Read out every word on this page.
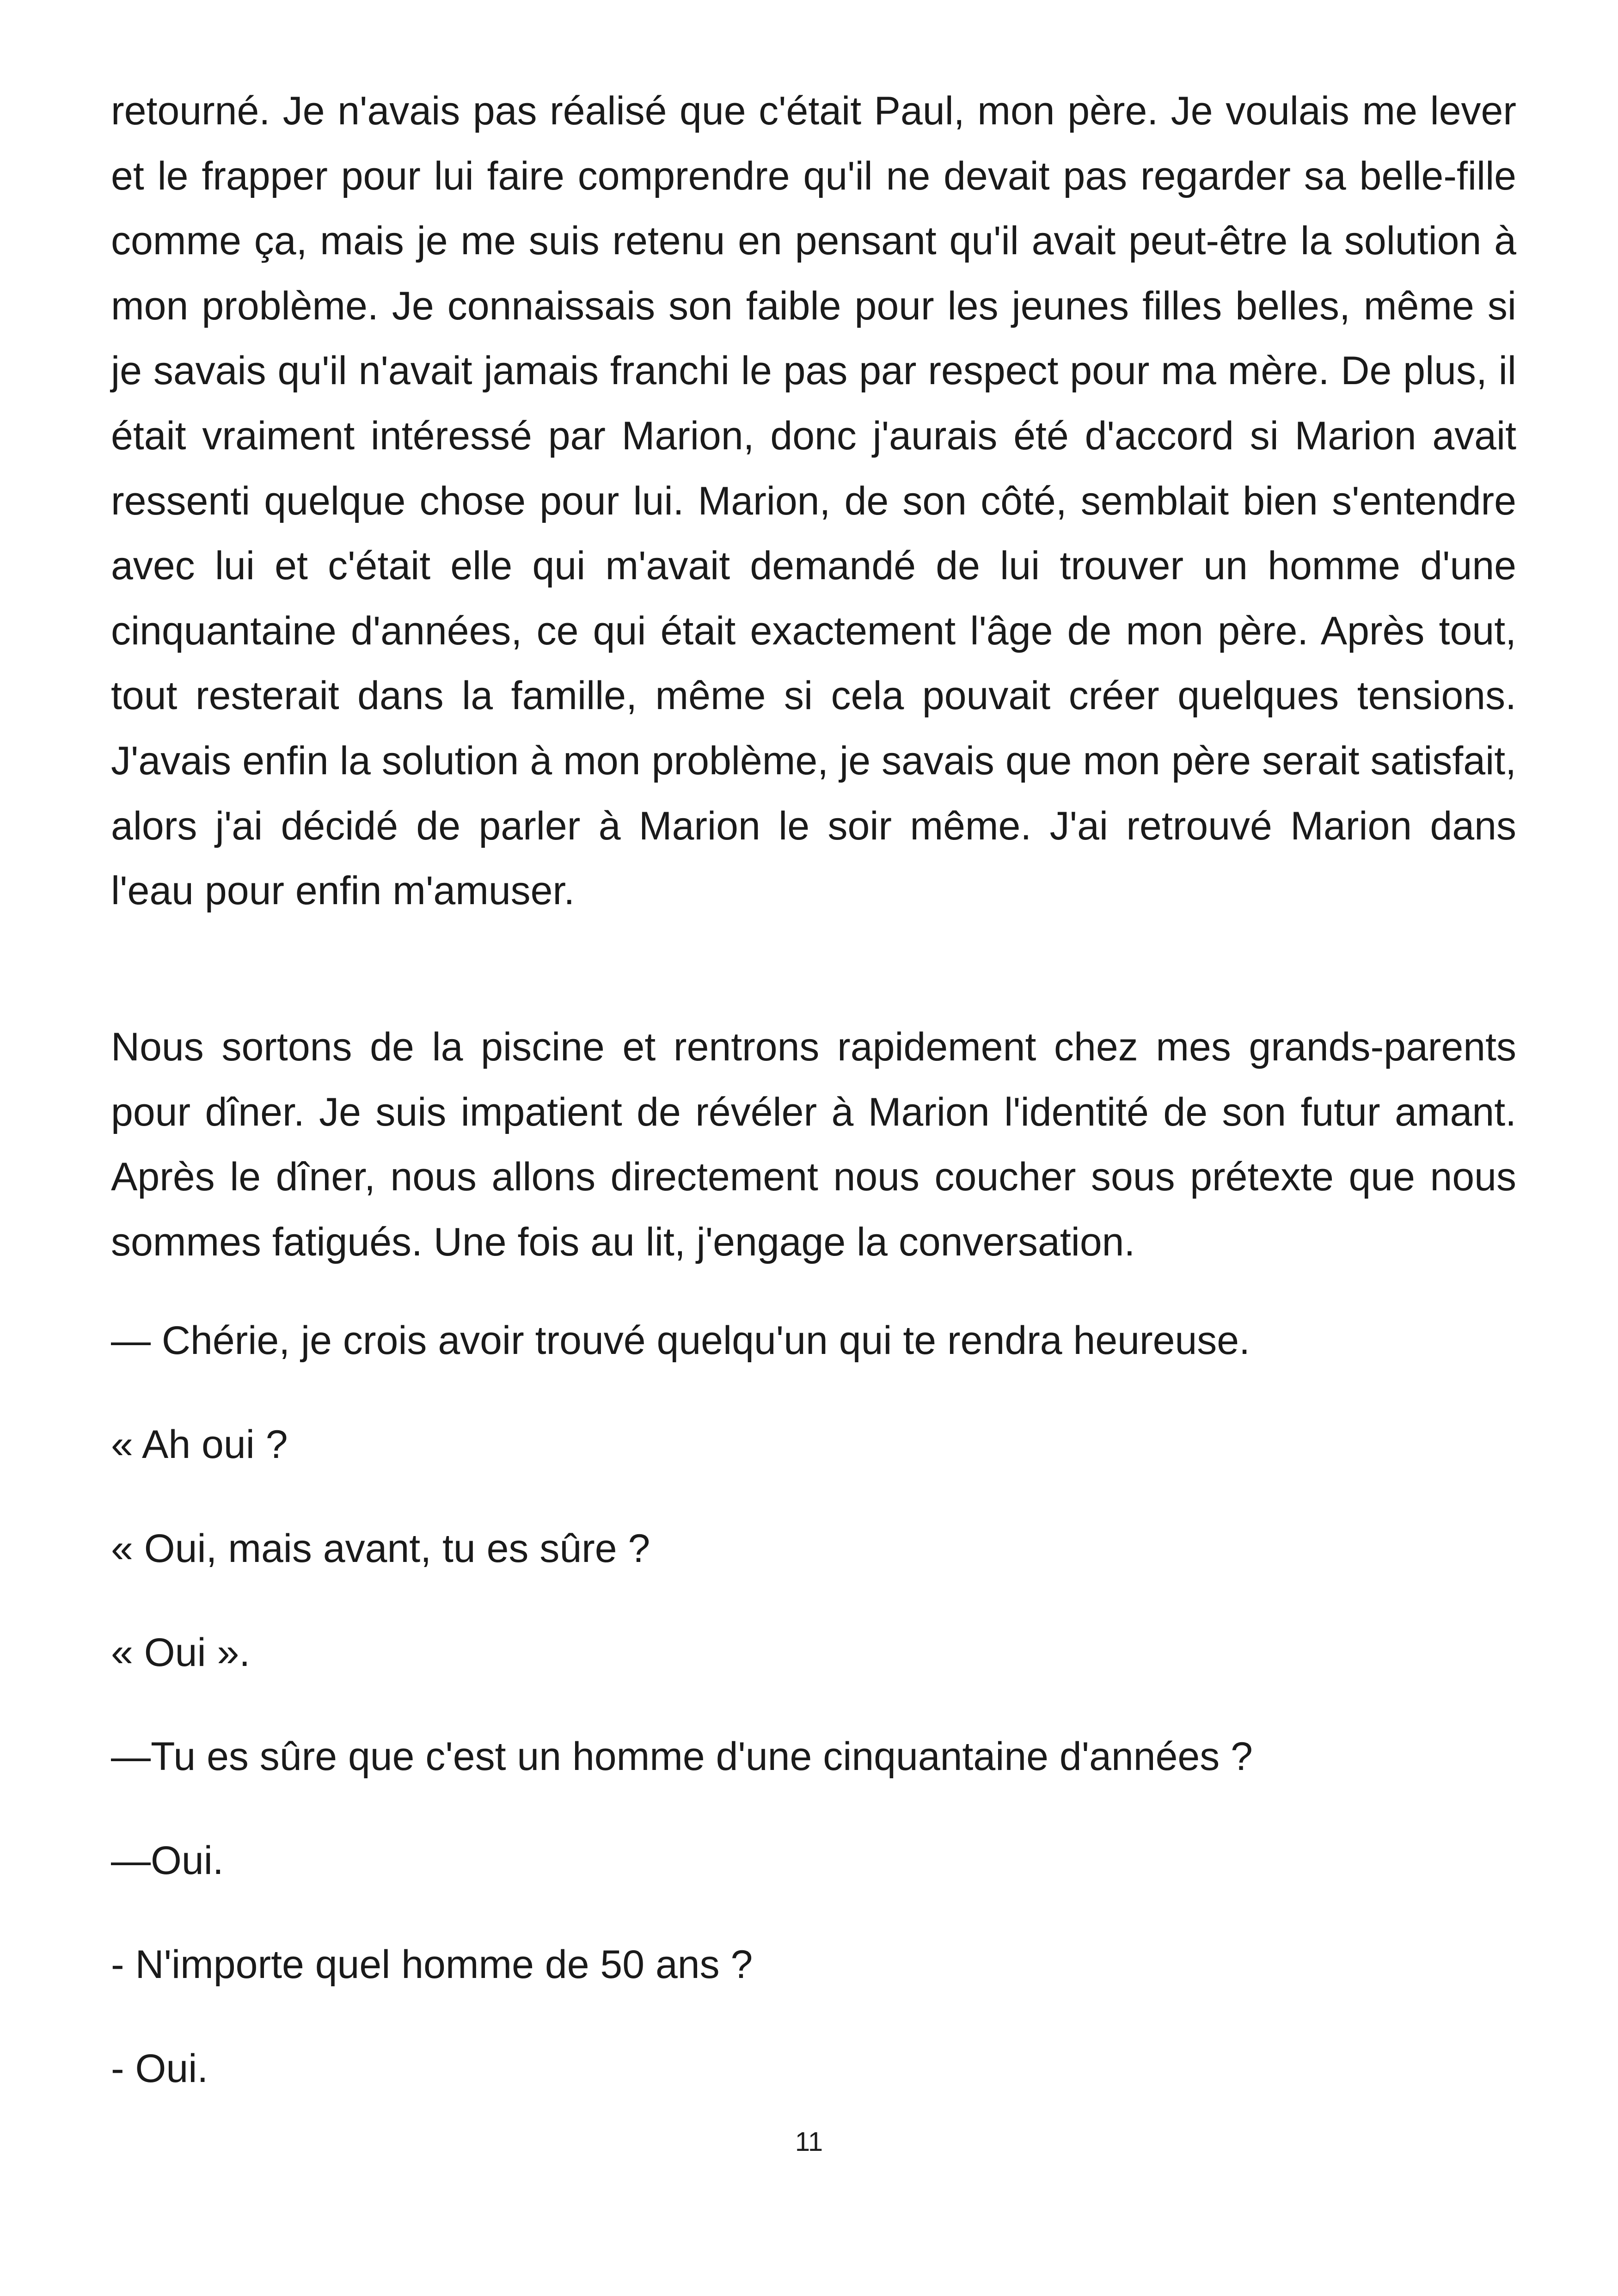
retourné. Je n'avais pas réalisé que c'était Paul, mon père. Je voulais me lever et le frapper pour lui faire comprendre qu'il ne devait pas regarder sa belle-fille comme ça, mais je me suis retenu en pensant qu'il avait peut-être la solution à mon problème. Je connaissais son faible pour les jeunes filles belles, même si je savais qu'il n'avait jamais franchi le pas par respect pour ma mère. De plus, il était vraiment intéressé par Marion, donc j'aurais été d'accord si Marion avait ressenti quelque chose pour lui. Marion, de son côté, semblait bien s'entendre avec lui et c'était elle qui m'avait demandé de lui trouver un homme d'une cinquantaine d'années, ce qui était exactement l'âge de mon père. Après tout, tout resterait dans la famille, même si cela pouvait créer quelques tensions. J'avais enfin la solution à mon problème, je savais que mon père serait satisfait, alors j'ai décidé de parler à Marion le soir même. J'ai retrouvé Marion dans l'eau pour enfin m'amuser.

Nous sortons de la piscine et rentrons rapidement chez mes grands-parents pour dîner. Je suis impatient de révéler à Marion l'identité de son futur amant. Après le dîner, nous allons directement nous coucher sous prétexte que nous sommes fatigués. Une fois au lit, j'engage la conversation.

— Chérie, je crois avoir trouvé quelqu'un qui te rendra heureuse.

« Ah oui ?

« Oui, mais avant, tu es sûre ?

« Oui ».

—Tu es sûre que c'est un homme d'une cinquantaine d'années ?

—Oui.

- N'importe quel homme de 50 ans ?

- Oui.

11
